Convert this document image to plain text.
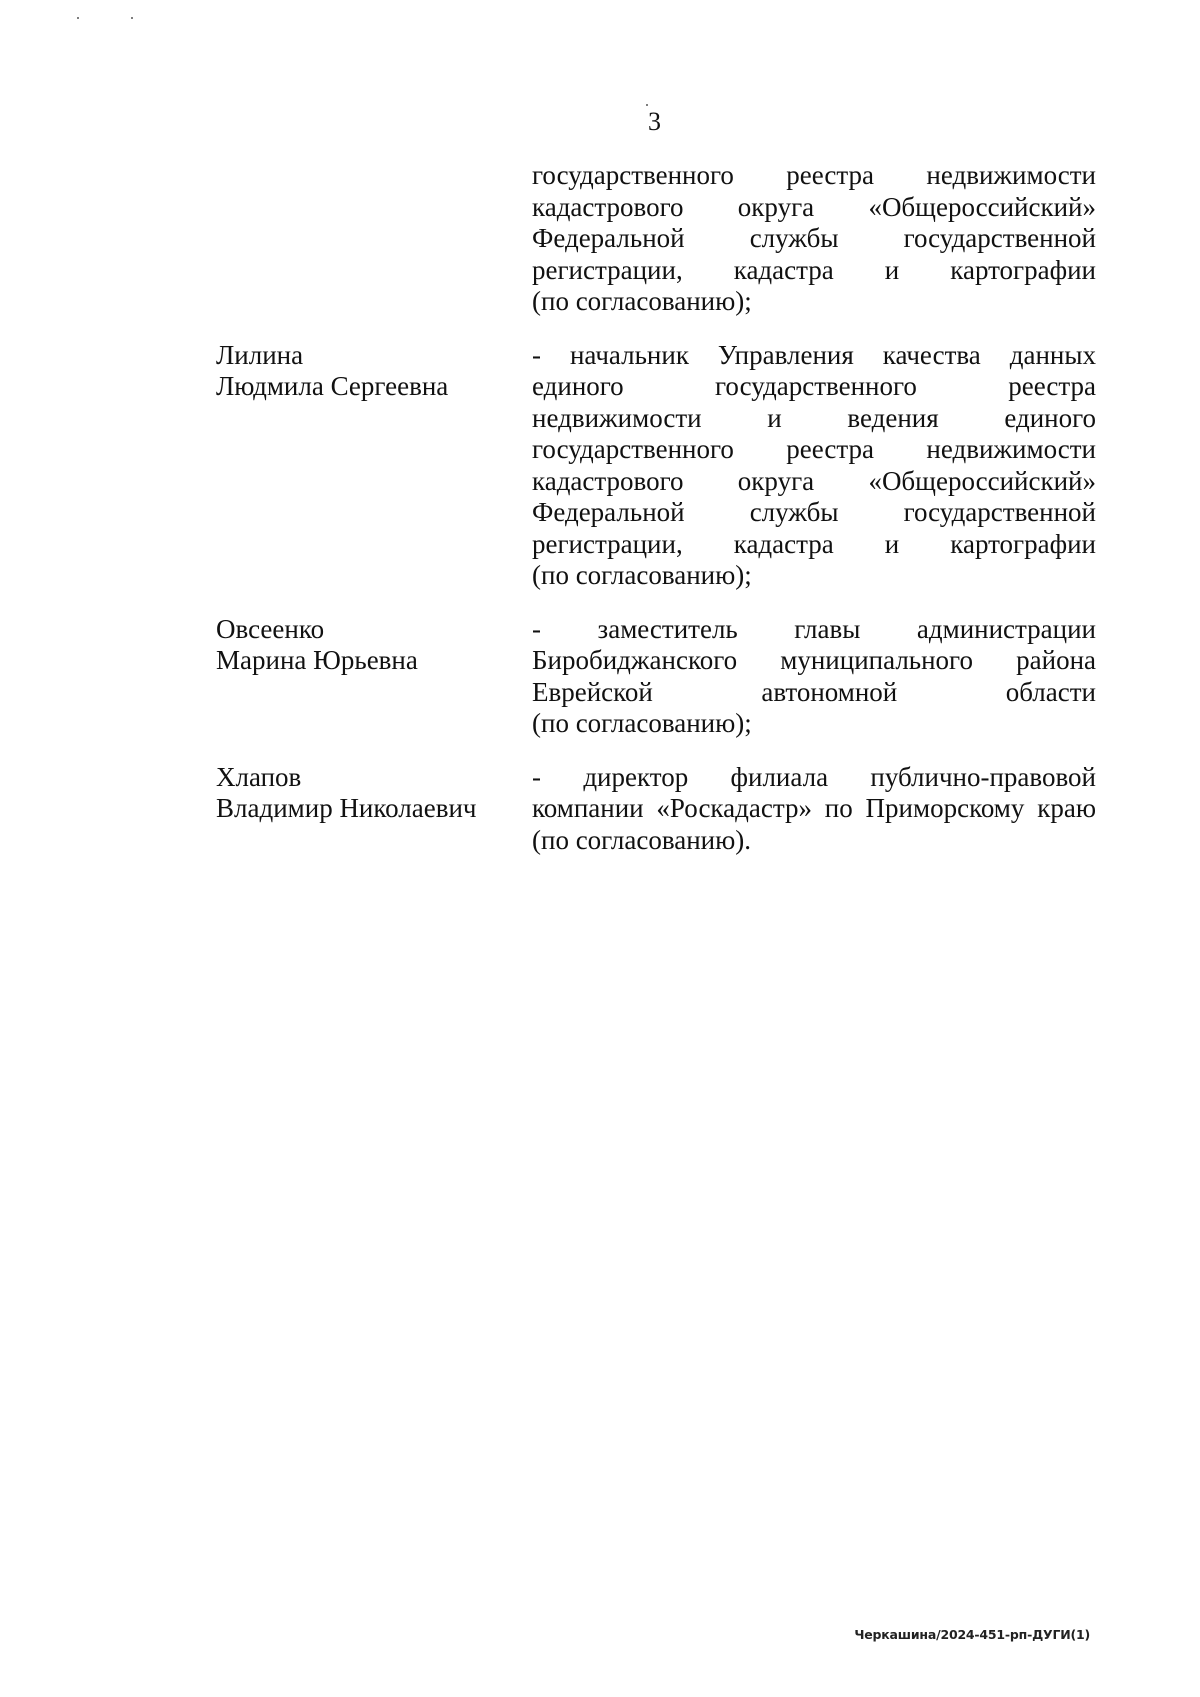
3
государственного реестра недвижимости
кадастрового округа «Общероссийский»
Федеральной службы государственной
регистрации, кадастра и картографии
(по согласованию);
Лилина
Людмила Сергеевна
- начальник Управления качества данных
единого государственного реестра
недвижимости и ведения единого
государственного реестра недвижимости
кадастрового округа «Общероссийский»
Федеральной службы государственной
регистрации, кадастра и картографии
(по согласованию);
Овсеенко
Марина Юрьевна
- заместитель главы администрации
Биробиджанского муниципального района
Еврейской автономной области
(по согласованию);
Хлапов
Владимир Николаевич
- директор филиала публично-правовой
компании «Роскадастр» по Приморскому краю
(по согласованию).
Черкашина/2024-451-рп-ДУГИ(1)
